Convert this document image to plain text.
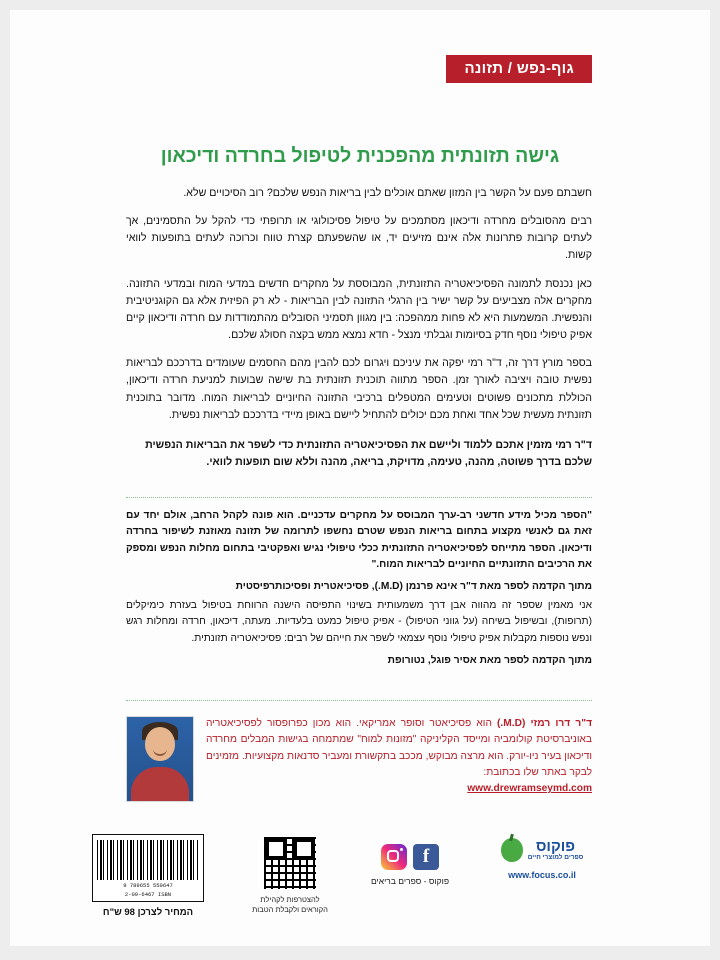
גוף-נפש / תזונה
גישה תזונתית מהפכנית לטיפול בחרדה ודיכאון

חשבתם פעם על הקשר בין המזון שאתם אוכלים לבין בריאות הנפש שלכם? רוב הסיכויים שלא.

רבים מהסובלים מחרדה ודיכאון מסתמכים על טיפול פסיכולוגי או תרופתי כדי להקל על התסמינים, אך לעתים קרובות פתרונות אלה אינם מזיעים יד, או שהשפעתם קצרת טווח וכרוכה לעתים בתופעות לוואי קשות.

כאן נכנסת לתמונה הפסיכיאטריה התזונתית, המבוססת על מחקרים חדשים במדעי המוח ובמדעי התזונה. מחקרים אלה מצביעים על קשר ישיר בין הרגלי התזונה לבין הבריאות - לא רק הפיזית אלא גם הקוגניטיבית והנפשית. המשמעות היא לא פחות ממהפכה: בין מגוון תסמיני הסובלים מהתמודדות עם חרדה ודיכאון קיים אפיק טיפולי נוסף חדק בסיומות וגבלתי מנצל - חדא נמצא ממש בקצה חסולג שלכם.

בספר מורץ דרך זה, ד"ר רמי יפקה את עיניכם ויגרום לכם להבין מהם החסמים שעומדים בדרככם לבריאות נפשית טובה ויציבה לאורך זמן. הספר מתווה תוכנית תזונתית בת שישה שבועות למניעת חרדה ודיכאון, הכוללת מתכונים פשוטים וטעימים המטפלים ברכיבי התזונה החיוניים לבריאות המוח. מדובר בתוכנית תזונתית מעשית שכל אחד ואחת מכם יכולים להתחיל ליישם באופן מיידי בדרככם לבריאות נפשית.

ד"ר רמי מזמין אתכם ללמוד וליישם את הפסיכיאטריה התזונתית כדי לשפר את הבריאות הנפשית שלכם בדרך פשוטה, מהנה, טעימה, מדויקת, בריאה, מהנה וללא שום תופעות לוואי.

"הספר מכיל מידע חדשני רב-ערך המבוסס על מחקרים עדכניים. הוא פונה לקהל הרחב, אולם יחד עם זאת גם לאנשי מקצוע בתחום בריאות הנפש שטרם נחשפו לתרומה של תזונה מאוזנת לשיפור בחרדה ודיכאון. הספר מתייחס לפסיכיאטריה התזונתית ככלי טיפולי נגיש ואפקטיבי בתחום מחלות הנפש ומספק את הרכיבים התזונתיים החיוניים לבריאות המוח."

מתוך הקדמה לספר מאת ד"ר אינא פרנמן (M.D.), פסיכיאטרית ופסיכותרפיסטית

אני מאמין שספר זה מהווה אבן דרך משמעותית בשינוי התפיסה הישנה הרווחת בטיפול בעזרת כימיקלים (תרופות), ובשיפול בשיחה (על גווני הטיפול) - אפיק טיפול כמעט בלעדיות. מעתה, דיכאון, חרדה ומחלות רגש ונפש נוספות מקבלות אפיק טיפולי נוסף עצמאי לשפר את חייהם של רבים: פסיכיאטריה תזונתית.

מתוך הקדמה לספר מאת אסיר פוגל, נטורופת

ד"ר דרו רמזי (M.D.) הוא פסיכיאטר וסופר אמריקאי. הוא מכון כפרופסור לפסיכיאטריה באוניברסיטת קולומביה ומייסד הקליניקה "מזונות למוח" שמתמחה בגישות המבלים מחרדה ודיכאון בעיר ניו-יורק. הוא מרצה מבוקש, מככב בתקשורת ומעביר סדנאות מקצועיות. מזמינים לבקר באתר שלו בכתובת:
www.drewramseymd.com
פוקוס
ספרים למוצרי חיים
www.focus.co.il
f
פוקוס - ספרים בריאים
להצטרפות לקהילת הקוראים ולקבלת הטבות
9 789655 550647
2-09-6467 ISBN
המחיר לצרכן 98 ש"ח
